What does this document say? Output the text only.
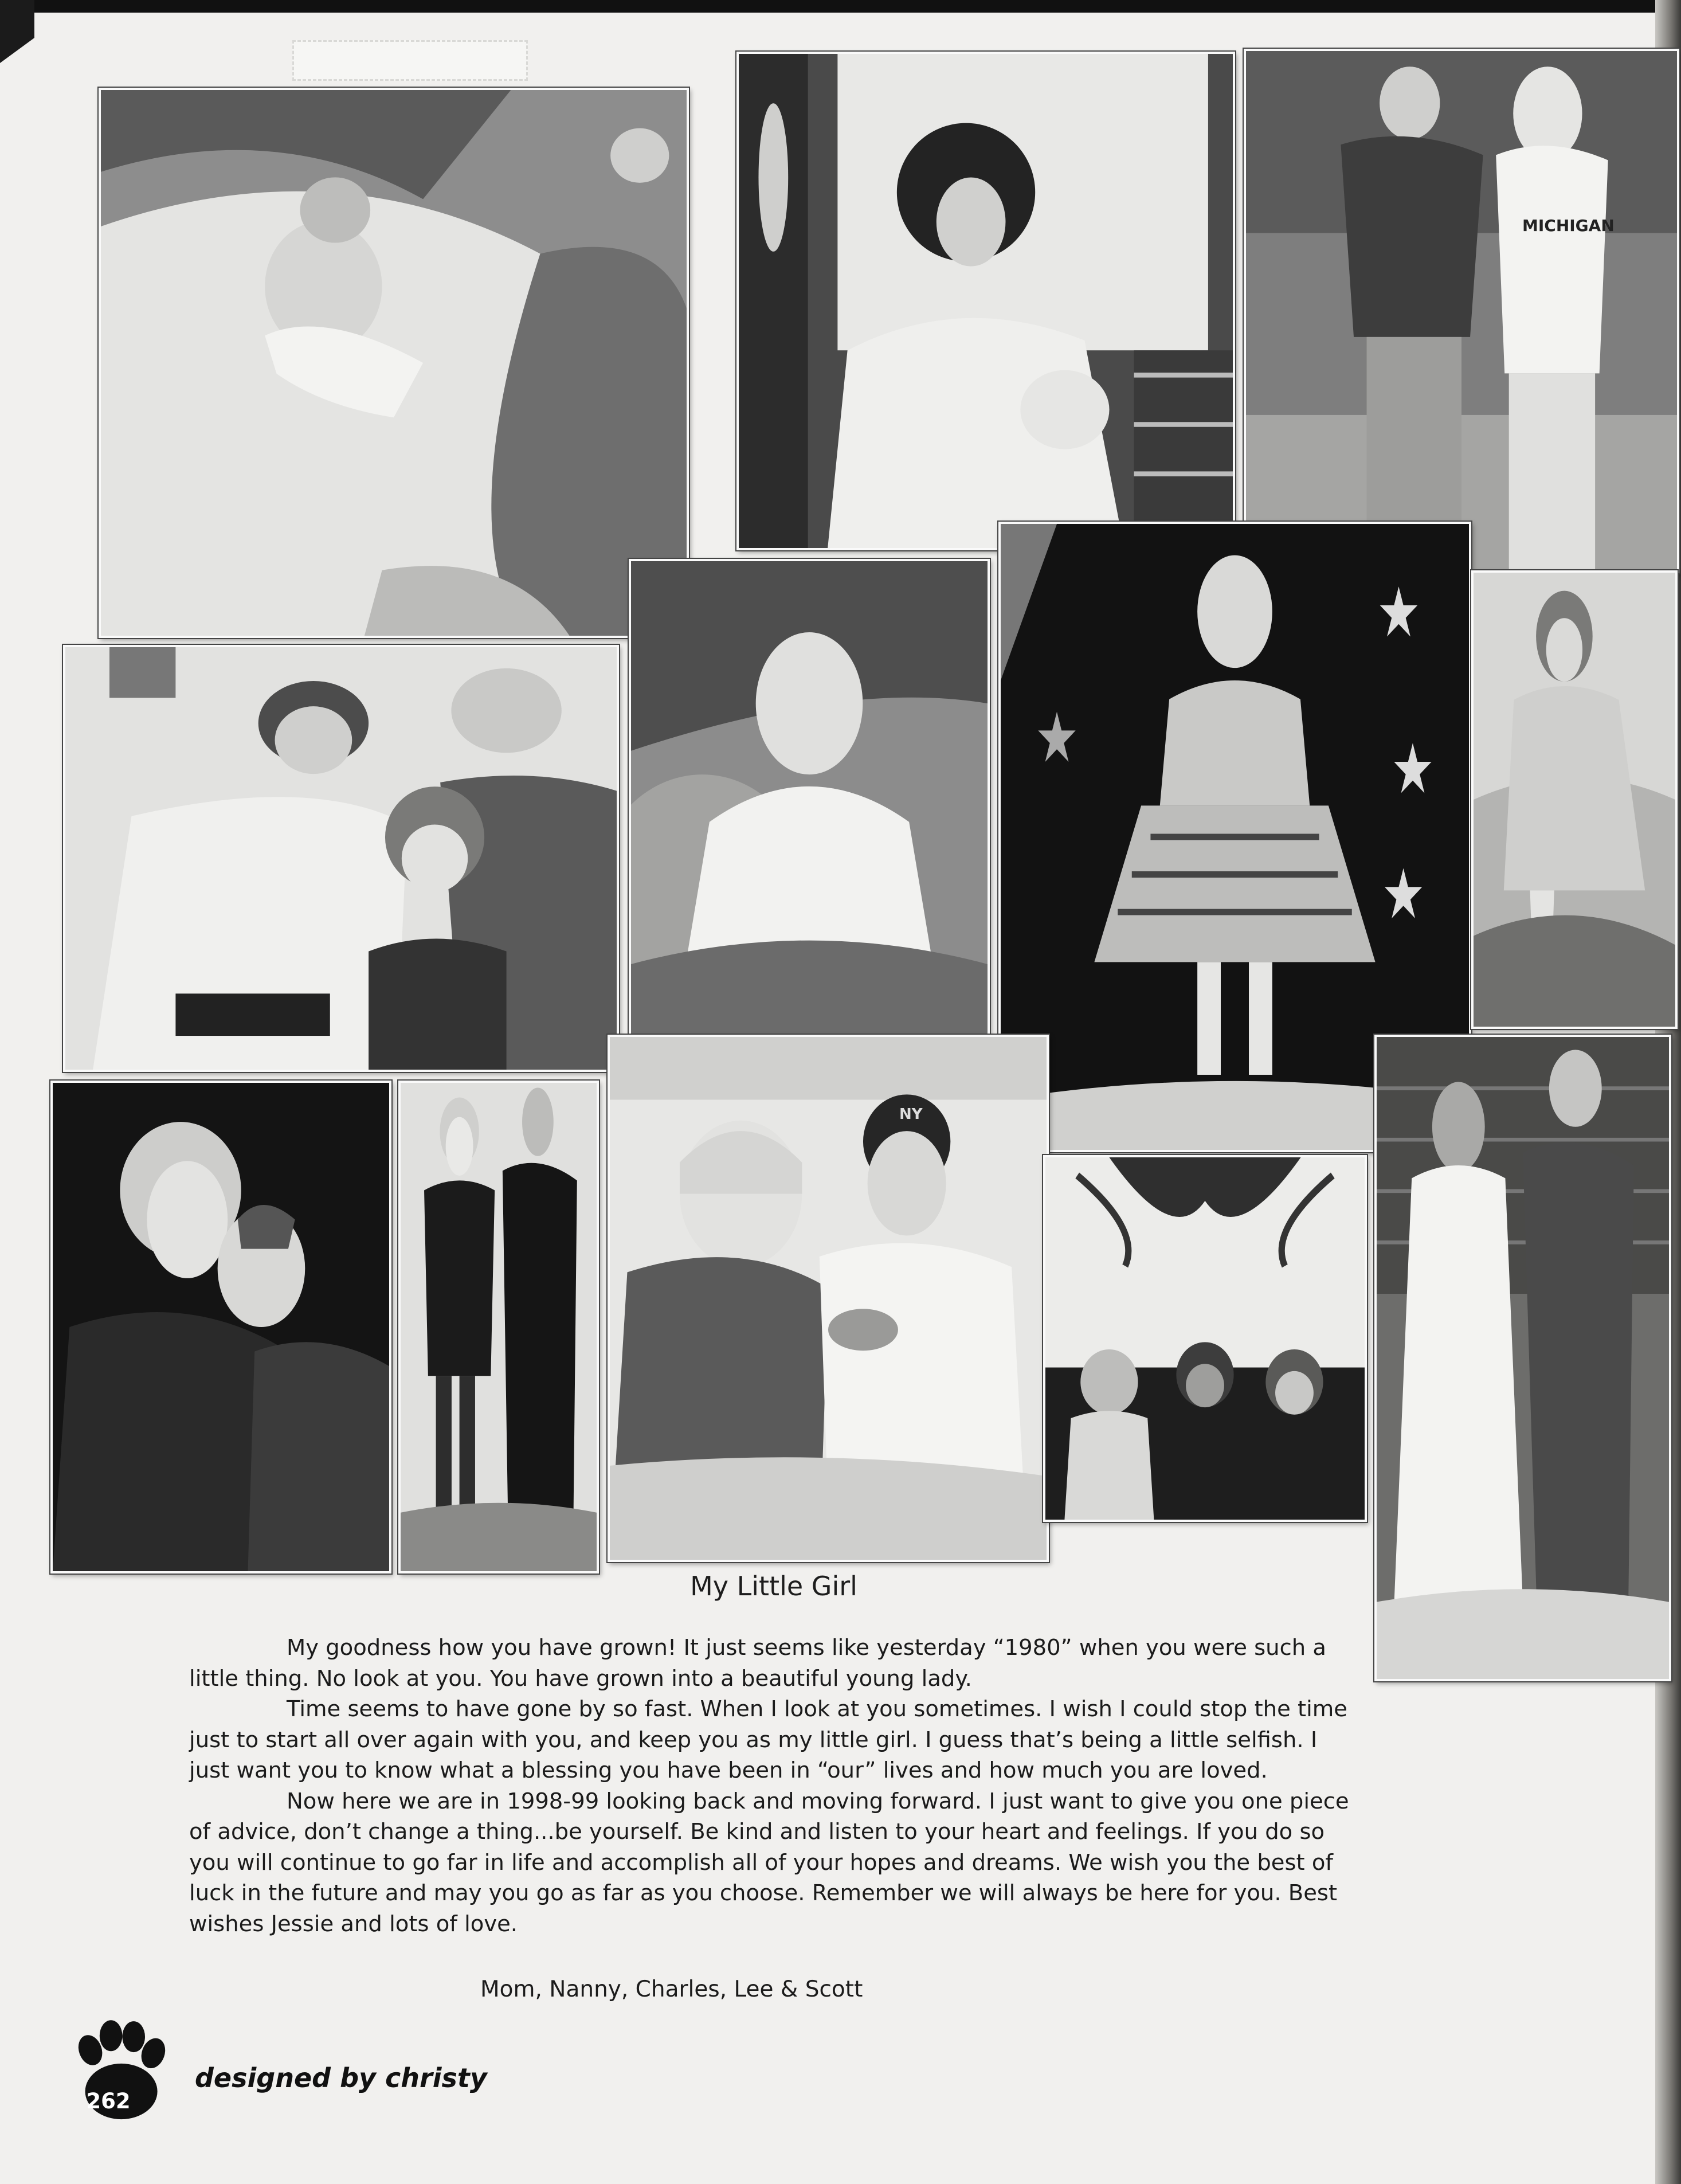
MICHIGAN
NY
My Little Girl

My goodness how you have grown! It just seems like yesterday “1980” when you were such a little thing. No look at you. You have grown into a beautiful young lady.

Time seems to have gone by so fast. When I look at you sometimes. I wish I could stop the time just to start all over again with you, and keep you as my little girl. I guess that’s being a little selfish. I just want you to know what a blessing you have been in “our” lives and how much you are loved.

Now here we are in 1998-99 looking back and moving forward. I just want to give you one piece of advice, don’t change a thing...be yourself. Be kind and listen to your heart and feelings. If you do so you will continue to go far in life and accomplish all of your hopes and dreams. We wish you the best of luck in the future and may you go as far as you choose. Remember we will always be here for you. Best wishes Jessie and lots of love.

Mom, Nanny, Charles, Lee & Scott
262
designed by christy
